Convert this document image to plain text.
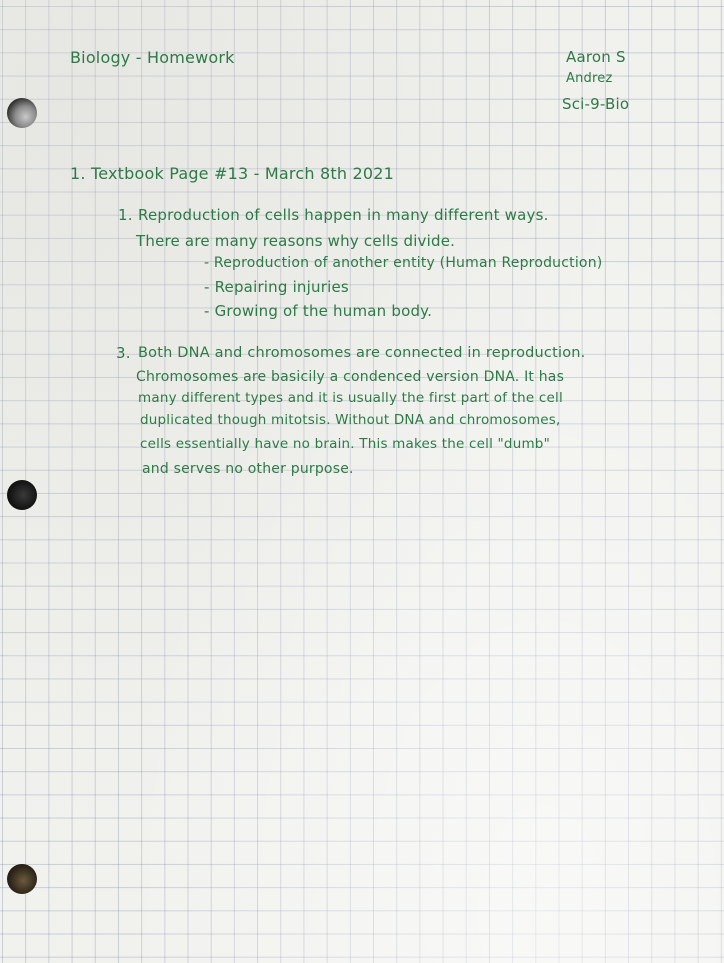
Biology - Homework	Aaron S

Andrez

Sci-9-Bio

1. Textbook Page #13 - March 8th 2021

1. Reproduction of cells happen in many different ways.

There are many reasons why cells divide.

- Reproduction of another entity (Human Reproduction)

- Repairing injuries

- Growing of the human body.

3. Both DNA and chromosomes are connected in reproduction.

Chromosomes are basicily a condenced version DNA. It has

many different types and it is usually the first part of the cell

duplicated though mitotsis. Without DNA and chromosomes,

cells essentially have no brain. This makes the cell "dumb"

and serves no other purpose.
